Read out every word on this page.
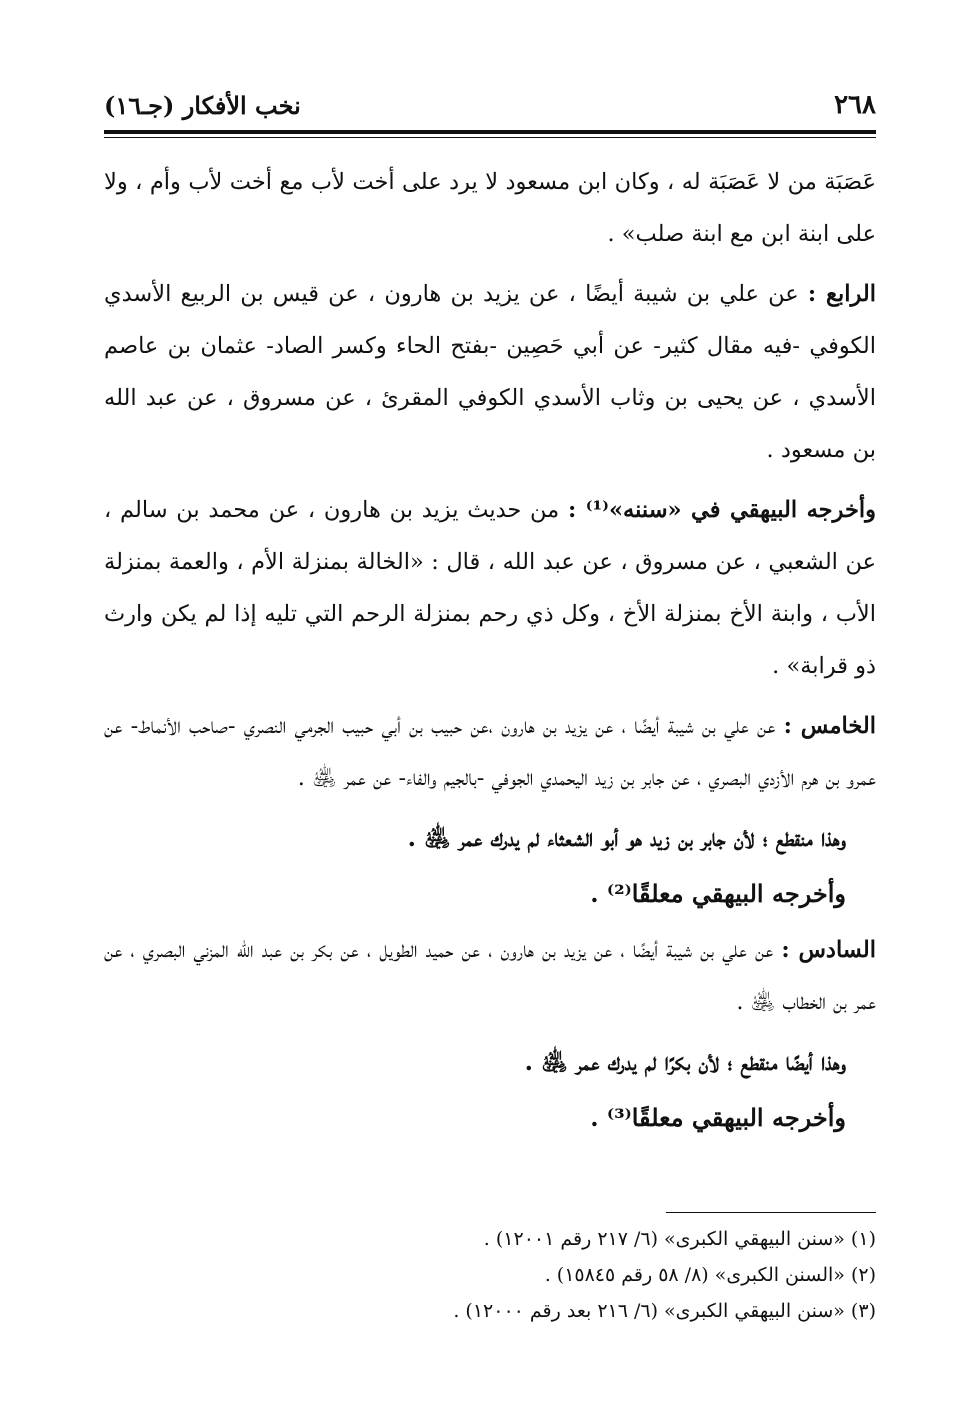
٢٦٨
نخب الأفكار (جـ١٦)

عَصَبَة من لا عَصَبَة له ، وكان ابن مسعود لا يرد على أخت لأب مع أخت لأب وأم ، ولا على ابنة ابن مع ابنة صلب» .

الرابع : عن علي بن شيبة أيضًا ، عن يزيد بن هارون ، عن قيس بن الربيع الأسدي الكوفي -فيه مقال كثير- عن أبي حَصِين -بفتح الحاء وكسر الصاد- عثمان بن عاصم الأسدي ، عن يحيى بن وثاب الأسدي الكوفي المقرئ ، عن مسروق ، عن عبد الله بن مسعود .

وأخرجه البيهقي في «سننه»⁽¹⁾ : من حديث يزيد بن هارون ، عن محمد بن سالم ، عن الشعبي ، عن مسروق ، عن عبد الله ، قال : «الخالة بمنزلة الأم ، والعمة بمنزلة الأب ، وابنة الأخ بمنزلة الأخ ، وكل ذي رحم بمنزلة الرحم التي تليه إذا لم يكن وارث ذو قرابة» .

الخامس : عن علي بن شيبة أيضًا ، عن يزيد بن هارون ،عن حبيب بن أبي حبيب الجرمي النصري -صاحب الأنماط- عن عمرو بن هرم الأزدي البصري ، عن جابر بن زيد اليحمدي الجوفي -بالجيم والفاء- عن عمر ﵁ .

وهذا منقطع ؛ لأن جابر بن زيد هو أبو الشعثاء لم يدرك عمر ﵁ .

وأخرجه البيهقي معلقًا⁽²⁾ .

السادس : عن علي بن شيبة أيضًا ، عن يزيد بن هارون ، عن حميد الطويل ، عن بكر بن عبد الله المزني البصري ، عن عمر بن الخطاب ﵁ .

وهذا أيضًا منقطع ؛ لأن بكرًا لم يدرك عمر ﵁ .

وأخرجه البيهقي معلقًا⁽³⁾ .

(١) «سنن البيهقي الكبرى» (٦/ ٢١٧ رقم ١٢٠٠١) .

(٢) «السنن الكبرى» (٨/ ٥٨ رقم ١٥٨٤٥) .

(٣) «سنن البيهقي الكبرى» (٦/ ٢١٦ بعد رقم ١٢٠٠٠) .
